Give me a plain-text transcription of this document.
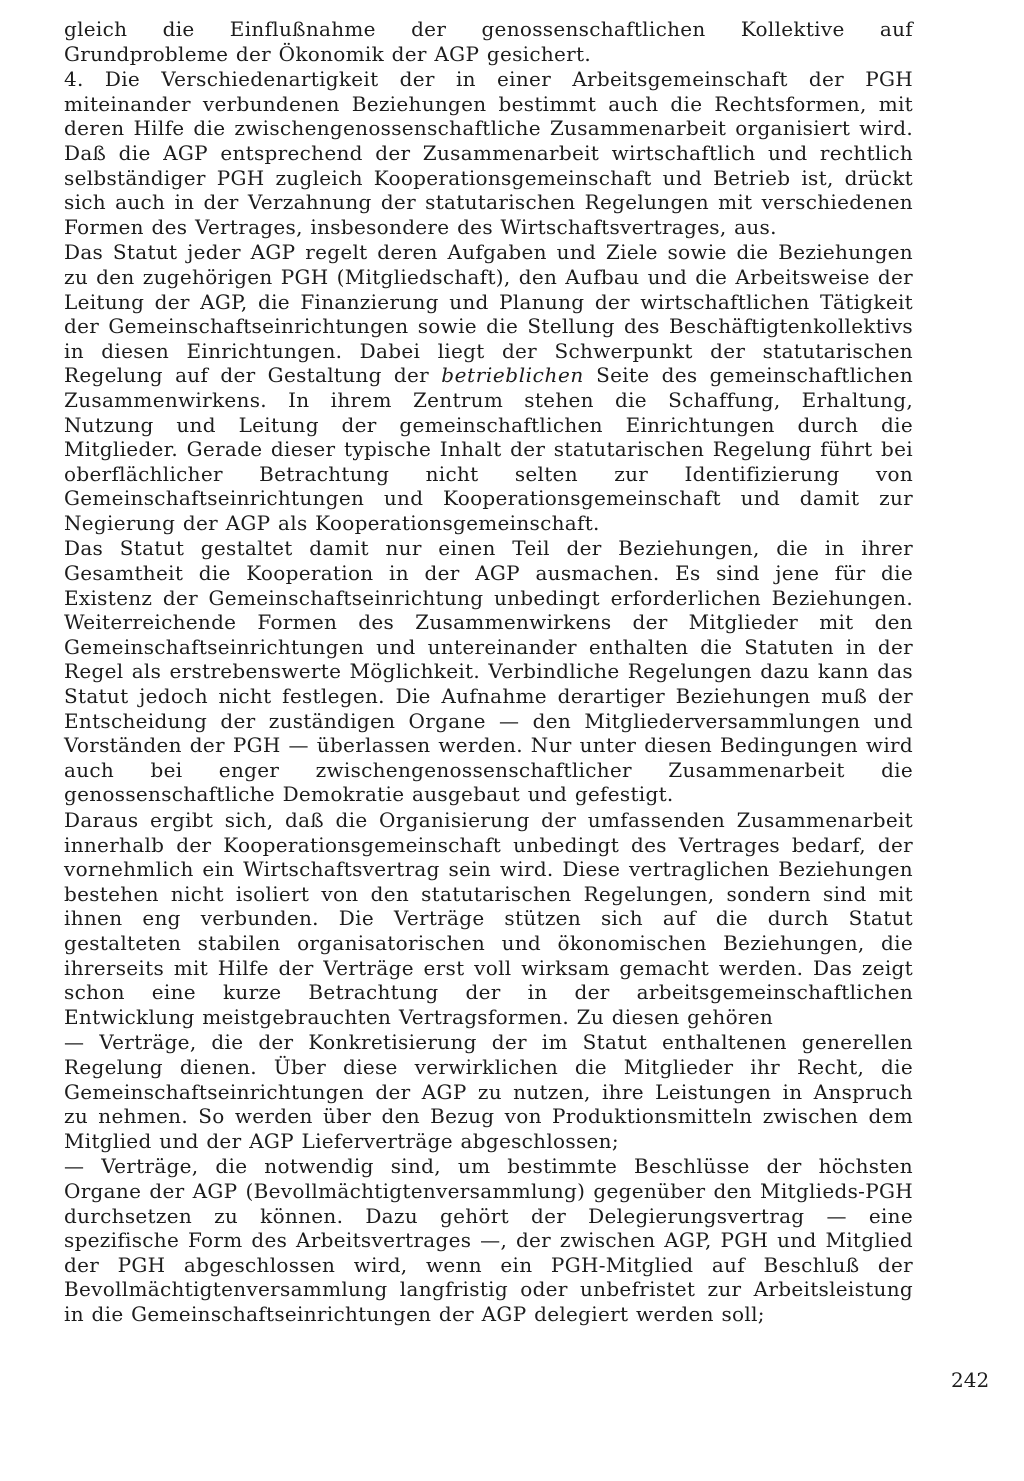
gleich die Einflußnahme der genossenschaftlichen Kollektive auf Grundprobleme der Ökonomik der AGP gesichert.

4. Die Verschiedenartigkeit der in einer Arbeitsgemeinschaft der PGH miteinander verbundenen Beziehungen bestimmt auch die Rechtsformen, mit deren Hilfe die zwischengenossenschaftliche Zusammenarbeit organisiert wird. Daß die AGP entsprechend der Zusammenarbeit wirtschaftlich und rechtlich selbständiger PGH zugleich Kooperationsgemeinschaft und Betrieb ist, drückt sich auch in der Verzahnung der statutarischen Regelungen mit verschiedenen Formen des Vertrages, insbesondere des Wirtschaftsvertrages, aus.

Das Statut jeder AGP regelt deren Aufgaben und Ziele sowie die Beziehungen zu den zugehörigen PGH (Mitgliedschaft), den Aufbau und die Arbeitsweise der Leitung der AGP, die Finanzierung und Planung der wirtschaftlichen Tätigkeit der Gemeinschaftseinrichtungen sowie die Stellung des Beschäftigtenkollektivs in diesen Einrichtungen. Dabei liegt der Schwerpunkt der statutarischen Regelung auf der Gestaltung der betrieblichen Seite des gemeinschaftlichen Zusammenwirkens. In ihrem Zentrum stehen die Schaffung, Erhaltung, Nutzung und Leitung der gemeinschaftlichen Einrichtungen durch die Mitglieder. Gerade dieser typische Inhalt der statutarischen Regelung führt bei oberflächlicher Betrachtung nicht selten zur Identifizierung von Gemeinschaftseinrichtungen und Kooperationsgemeinschaft und damit zur Negierung der AGP als Kooperationsgemeinschaft.

Das Statut gestaltet damit nur einen Teil der Beziehungen, die in ihrer Gesamtheit die Kooperation in der AGP ausmachen. Es sind jene für die Existenz der Gemeinschaftseinrichtung unbedingt erforderlichen Beziehungen. Weiterreichende Formen des Zusammenwirkens der Mitglieder mit den Gemeinschaftseinrichtungen und untereinander enthalten die Statuten in der Regel als erstrebenswerte Möglichkeit. Verbindliche Regelungen dazu kann das Statut jedoch nicht festlegen. Die Aufnahme derartiger Beziehungen muß der Entscheidung der zuständigen Organe — den Mitgliederversammlungen und Vorständen der PGH — überlassen werden. Nur unter diesen Bedingungen wird auch bei enger zwischengenossenschaftlicher Zusammenarbeit die genossenschaftliche Demokratie ausgebaut und gefestigt.

Daraus ergibt sich, daß die Organisierung der umfassenden Zusammenarbeit innerhalb der Kooperationsgemeinschaft unbedingt des Vertrages bedarf, der vornehmlich ein Wirtschaftsvertrag sein wird. Diese vertraglichen Beziehungen bestehen nicht isoliert von den statutarischen Regelungen, sondern sind mit ihnen eng verbunden. Die Verträge stützen sich auf die durch Statut gestalteten stabilen organisatorischen und ökonomischen Beziehungen, die ihrerseits mit Hilfe der Verträge erst voll wirksam gemacht werden. Das zeigt schon eine kurze Betrachtung der in der arbeitsgemeinschaftlichen Entwicklung meistgebrauchten Vertragsformen. Zu diesen gehören

— Verträge, die der Konkretisierung der im Statut enthaltenen generellen Regelung dienen. Über diese verwirklichen die Mitglieder ihr Recht, die Gemeinschaftseinrichtungen der AGP zu nutzen, ihre Leistungen in Anspruch zu nehmen. So werden über den Bezug von Produktionsmitteln zwischen dem Mitglied und der AGP Lieferverträge abgeschlossen;

— Verträge, die notwendig sind, um bestimmte Beschlüsse der höchsten Organe der AGP (Bevollmächtigtenversammlung) gegenüber den Mitglieds-PGH durchsetzen zu können. Dazu gehört der Delegierungsvertrag — eine spezifische Form des Arbeitsvertrages —, der zwischen AGP, PGH und Mitglied der PGH abgeschlossen wird, wenn ein PGH-Mitglied auf Beschluß der Bevollmächtigtenversammlung langfristig oder unbefristet zur Arbeitsleistung in die Gemeinschaftseinrichtungen der AGP delegiert werden soll;

242
